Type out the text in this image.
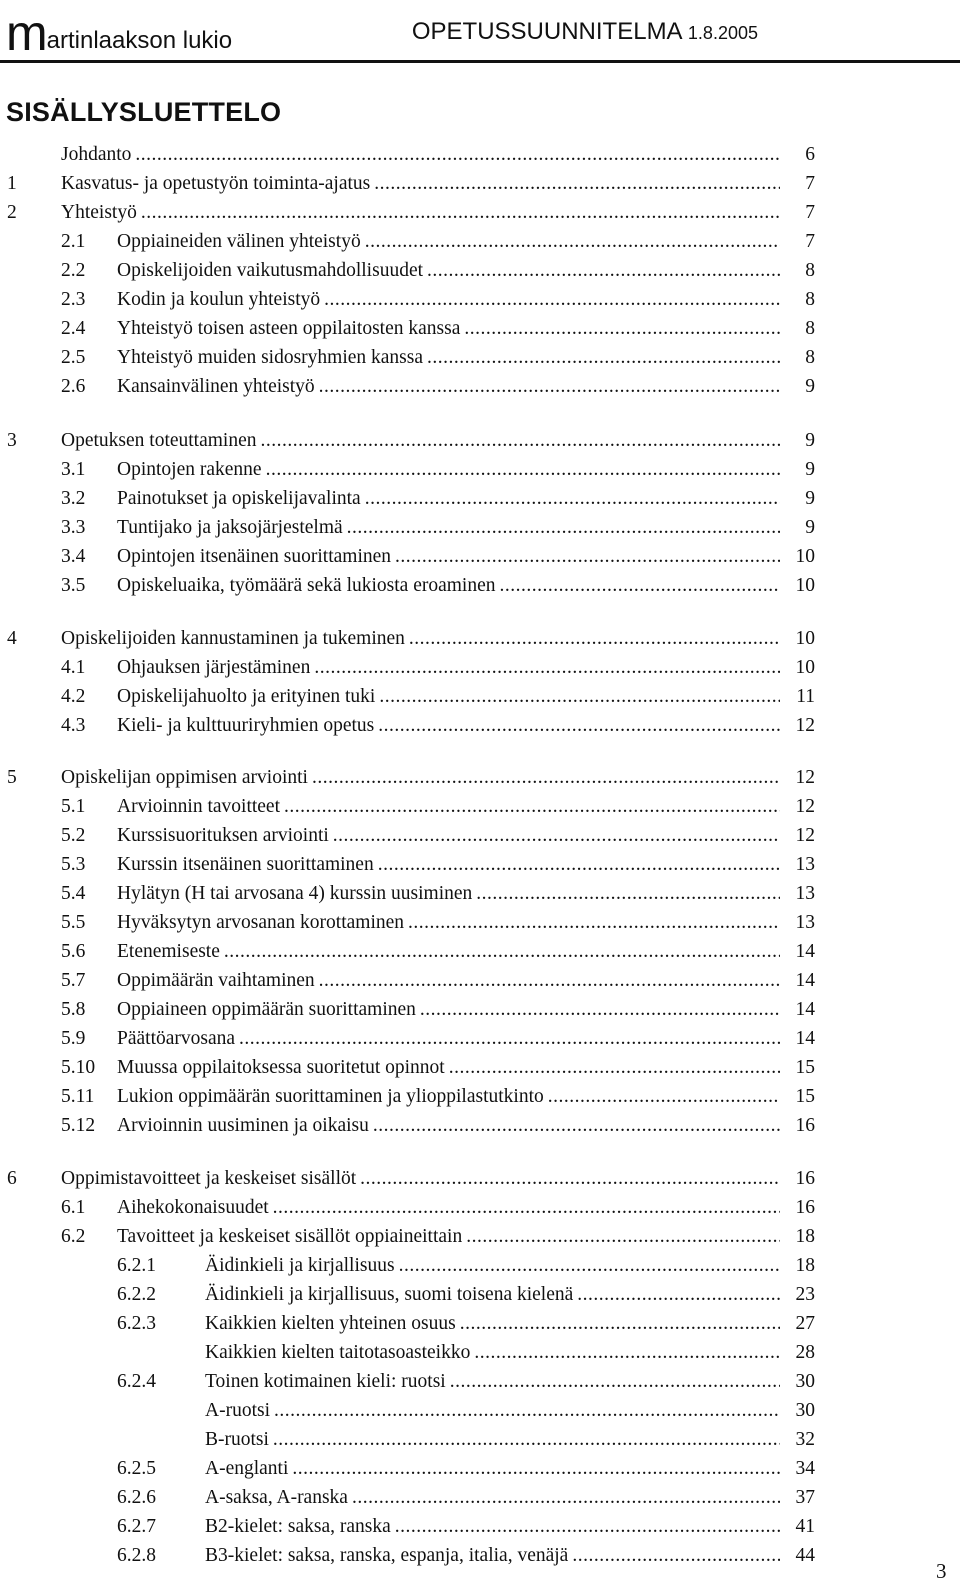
martinlaakson lukio	OPETUSSUUNNITELMA 1.8.2005
SISÄLLYSLUETTELO
Johdanto .....	6
1 Kasvatus- ja opetustyön toiminta-ajatus .....	7
2 Yhteistyö .....	7
2.1 Oppiaineiden välinen yhteistyö .....	7
2.2 Opiskelijoiden vaikutusmahdollisuudet .....	8
2.3 Kodin ja koulun yhteistyö .....	8
2.4 Yhteistyö toisen asteen oppilaitosten kanssa .....	8
2.5 Yhteistyö muiden sidosryhmien kanssa .....	8
2.6 Kansainvälinen yhteistyö .....	9
3 Opetuksen toteuttaminen .....	9
3.1 Opintojen rakenne .....	9
3.2 Painotukset ja opiskelijavalinta .....	9
3.3 Tuntijako ja jaksojärjestelmä .....	9
3.4 Opintojen itsenäinen suorittaminen .....	10
3.5 Opiskeluaika, työmäärä sekä lukiosta eroaminen .....	10
4 Opiskelijoiden kannustaminen ja tukeminen .....	10
4.1 Ohjauksen järjestäminen .....	10
4.2 Opiskelijahuolto ja erityinen tuki .....	11
4.3 Kieli- ja kulttuuriryhmien opetus .....	12
5 Opiskelijan oppimisen arviointi .....	12
5.1 Arvioinnin tavoitteet .....	12
5.2 Kurssisuorituksen arviointi .....	12
5.3 Kurssin itsenäinen suorittaminen .....	13
5.4 Hylätyn (H tai arvosana 4) kurssin uusiminen .....	13
5.5 Hyväksytyn arvosanan korottaminen .....	13
5.6 Etenemiseste .....	14
5.7 Oppimäärän vaihtaminen .....	14
5.8 Oppiaineen oppimäärän suorittaminen .....	14
5.9 Päättöarvosana .....	14
5.10 Muussa oppilaitoksessa suoritetut opinnot .....	15
5.11 Lukion oppimäärän suorittaminen ja ylioppilastutkinto .....	15
5.12 Arvioinnin uusiminen ja oikaisu .....	16
6 Oppimistavoitteet ja keskeiset sisällöt .....	16
6.1 Aihekokonaisuudet .....	16
6.2 Tavoitteet ja keskeiset sisällöt oppiaineittain .....	18
6.2.1	Äidinkieli ja kirjallisuus .....	18
6.2.2	Äidinkieli ja kirjallisuus, suomi toisena kielenä .....	23
6.2.3	Kaikkien kielten yhteinen osuus .....	27
Kaikkien kielten taitotasoasteikko .....	28
6.2.4	Toinen kotimainen kieli: ruotsi .....	30
A-ruotsi .....	30
B-ruotsi .....	32
6.2.5	A-englanti .....	34
6.2.6	A-saksa, A-ranska .....	37
6.2.7	B2-kielet: saksa, ranska .....	41
6.2.8	B3-kielet: saksa, ranska, espanja, italia, venäjä .....	44
3
